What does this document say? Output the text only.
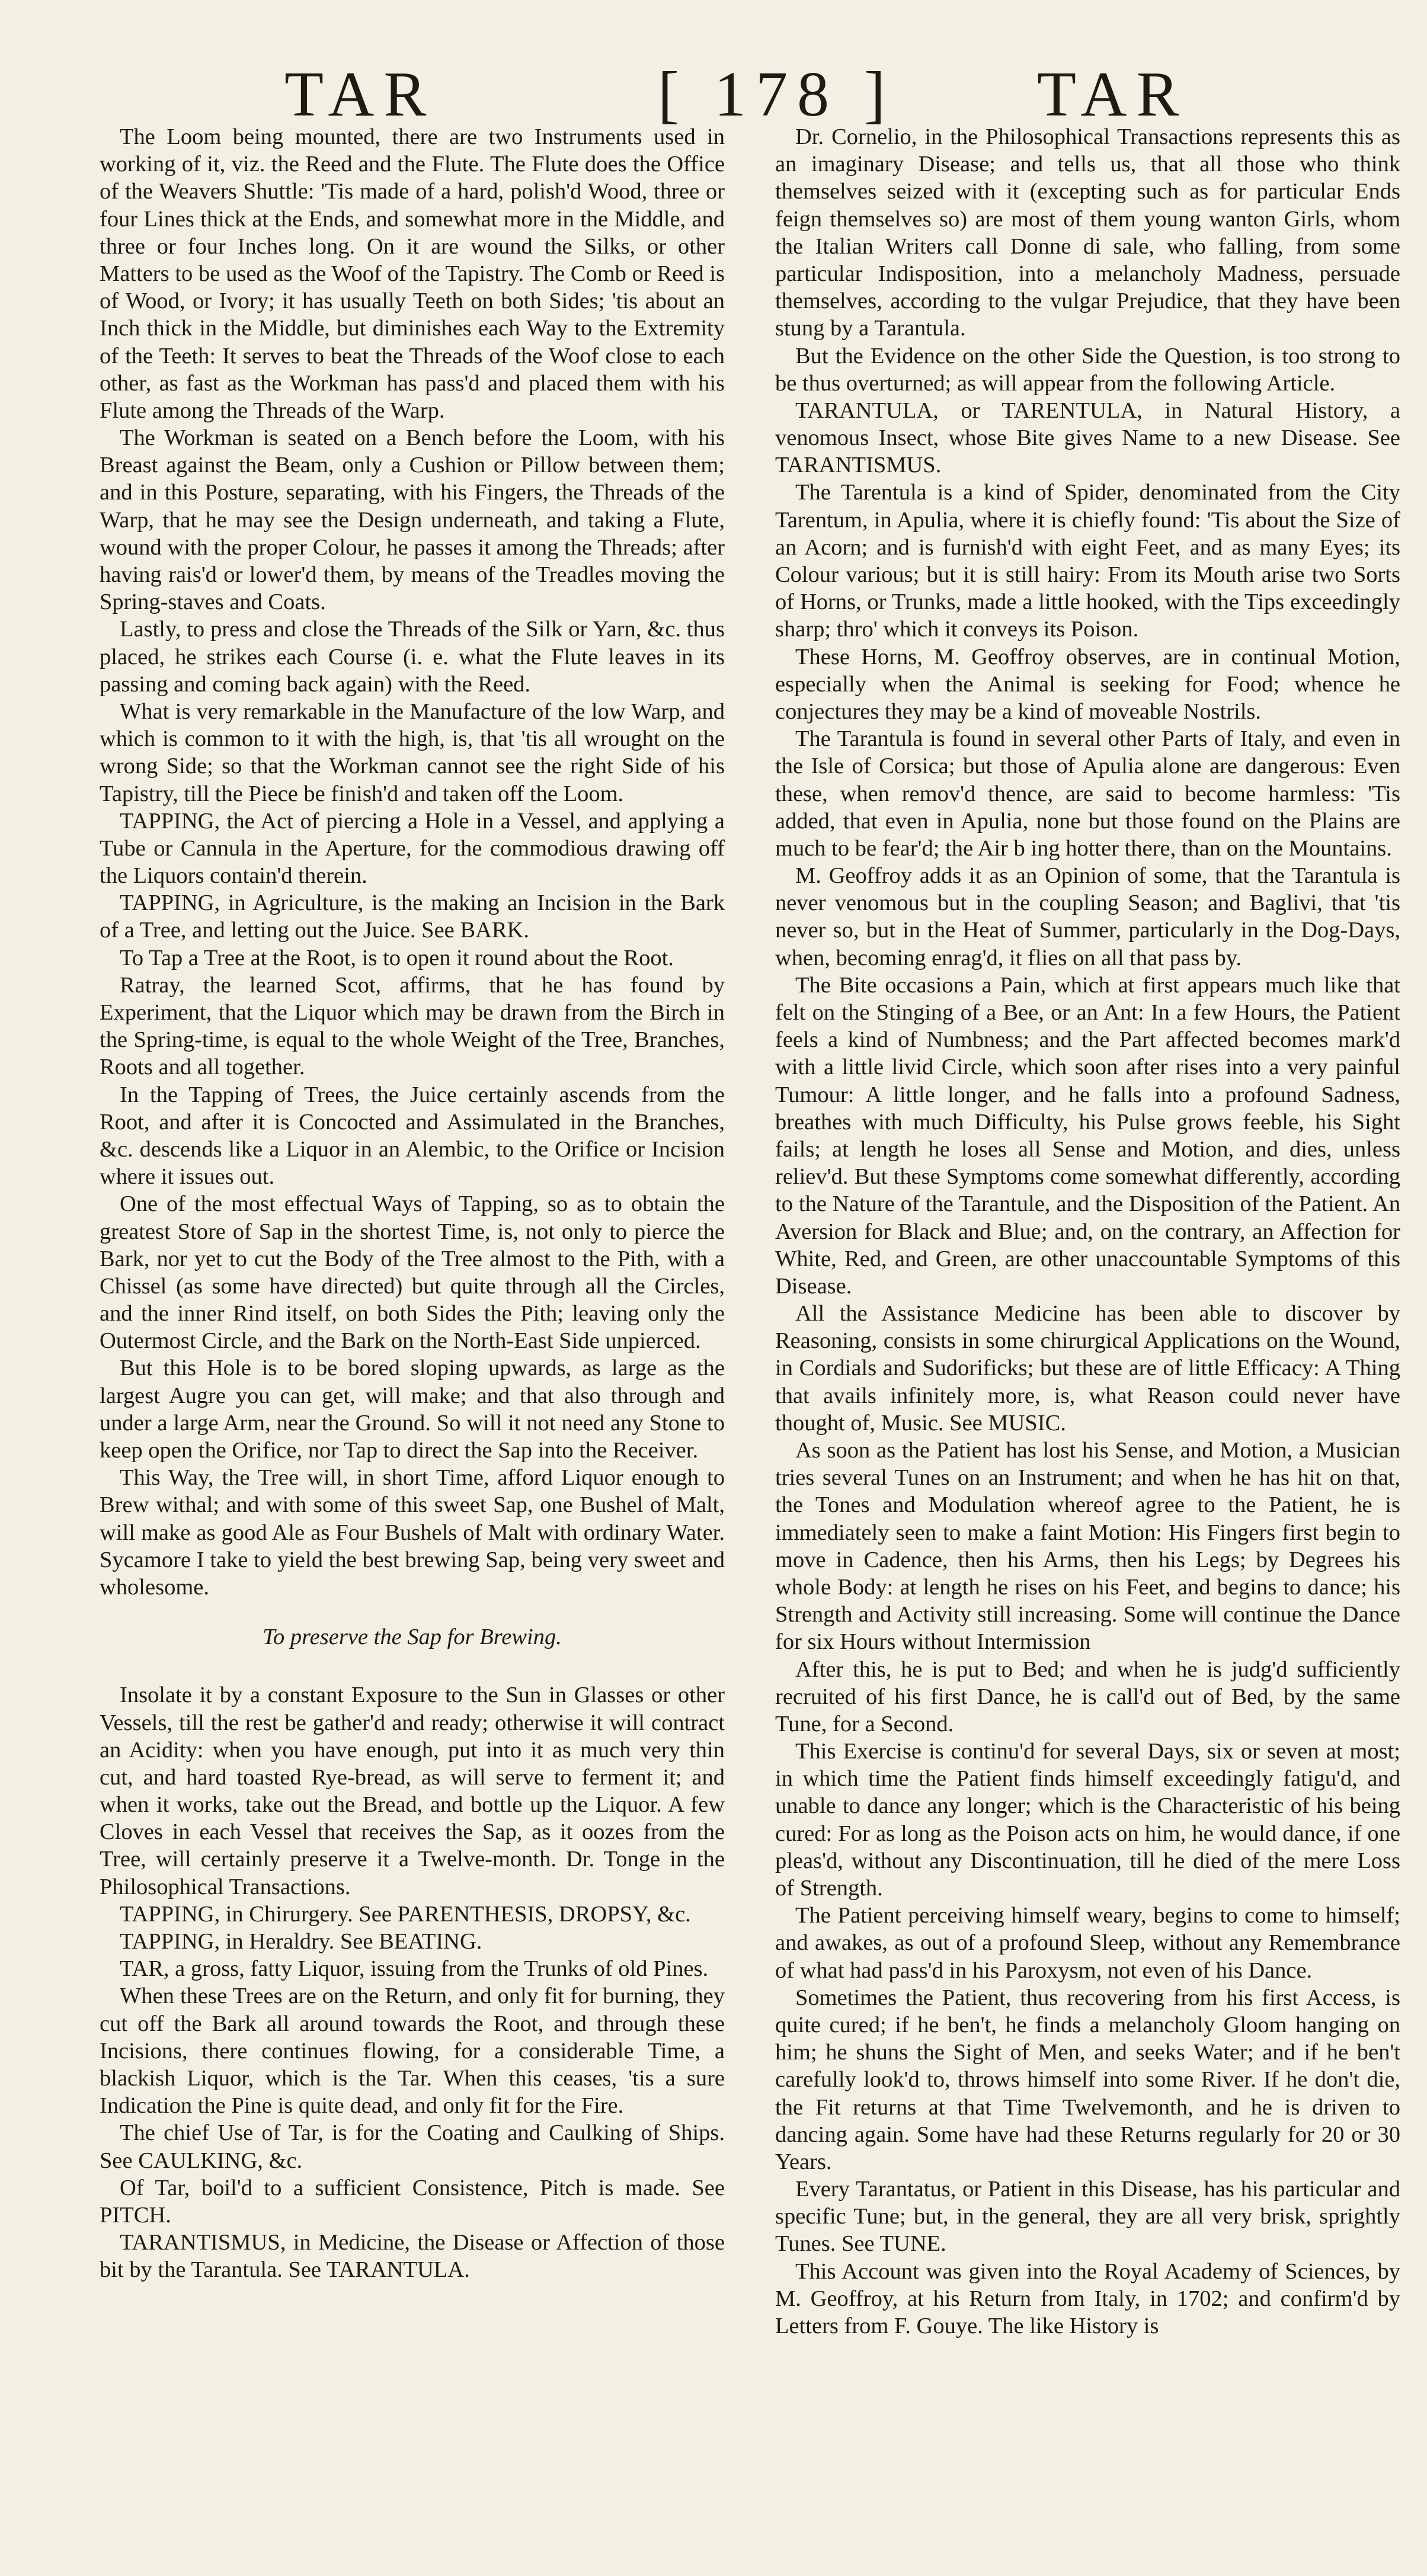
TAR	[ 178 ] TAR

The Loom being mounted, there are two Instruments used in working of it, viz. the Reed and the Flute. The Flute does the Office of the Weavers Shuttle: 'Tis made of a hard, polish'd Wood, three or four Lines thick at the Ends, and somewhat more in the Middle, and three or four Inches long. On it are wound the Silks, or other Matters to be used as the Woof of the Tapistry. The Comb or Reed is of Wood, or Ivory; it has usually Teeth on both Sides; 'tis about an Inch thick in the Middle, but diminishes each Way to the Extremity of the Teeth: It serves to beat the Threads of the Woof close to each other, as fast as the Workman has pass'd and placed them with his Flute among the Threads of the Warp.

The Workman is seated on a Bench before the Loom, with his Breast against the Beam, only a Cushion or Pillow between them; and in this Posture, separating, with his Fingers, the Threads of the Warp, that he may see the Design underneath, and taking a Flute, wound with the proper Colour, he passes it among the Threads; after having rais'd or lower'd them, by means of the Treadles moving the Spring-staves and Coats.

Lastly, to press and close the Threads of the Silk or Yarn, &c. thus placed, he strikes each Course (i. e. what the Flute leaves in its passing and coming back again) with the Reed.

What is very remarkable in the Manufacture of the low Warp, and which is common to it with the high, is, that 'tis all wrought on the wrong Side; so that the Workman cannot see the right Side of his Tapistry, till the Piece be finish'd and taken off the Loom.

TAPPING, the Act of piercing a Hole in a Vessel, and applying a Tube or Cannula in the Aperture, for the commodious drawing off the Liquors contain'd therein.

TAPPING, in Agriculture, is the making an Incision in the Bark of a Tree, and letting out the Juice. See BARK.

To Tap a Tree at the Root, is to open it round about the Root.

Ratray, the learned Scot, affirms, that he has found by Experiment, that the Liquor which may be drawn from the Birch in the Spring-time, is equal to the whole Weight of the Tree, Branches, Roots and all together.

In the Tapping of Trees, the Juice certainly ascends from the Root, and after it is Concocted and Assimulated in the Branches, &c. descends like a Liquor in an Alembic, to the Orifice or Incision where it issues out.

One of the most effectual Ways of Tapping, so as to obtain the greatest Store of Sap in the shortest Time, is, not only to pierce the Bark, nor yet to cut the Body of the Tree almost to the Pith, with a Chissel (as some have directed) but quite through all the Circles, and the inner Rind itself, on both Sides the Pith; leaving only the Outermost Circle, and the Bark on the North-East Side unpierced.

But this Hole is to be bored sloping upwards, as large as the largest Augre you can get, will make; and that also through and under a large Arm, near the Ground. So will it not need any Stone to keep open the Orifice, nor Tap to direct the Sap into the Receiver.

This Way, the Tree will, in short Time, afford Liquor enough to Brew withal; and with some of this sweet Sap, one Bushel of Malt, will make as good Ale as Four Bushels of Malt with ordinary Water. Sycamore I take to yield the best brewing Sap, being very sweet and wholesome.

To preserve the Sap for Brewing.

Insolate it by a constant Exposure to the Sun in Glasses or other Vessels, till the rest be gather'd and ready; otherwise it will contract an Acidity: when you have enough, put into it as much very thin cut, and hard toasted Rye-bread, as will serve to ferment it; and when it works, take out the Bread, and bottle up the Liquor. A few Cloves in each Vessel that receives the Sap, as it oozes from the Tree, will certainly preserve it a Twelve-month. Dr. Tonge in the Philosophical Transactions.

TAPPING, in Chirurgery. See PARENTHESIS, DROPSY, &c.

TAPPING, in Heraldry. See BEATING.

TAR, a gross, fatty Liquor, issuing from the Trunks of old Pines.

When these Trees are on the Return, and only fit for burning, they cut off the Bark all around towards the Root, and through these Incisions, there continues flowing, for a considerable Time, a blackish Liquor, which is the Tar. When this ceases, 'tis a sure Indication the Pine is quite dead, and only fit for the Fire.

The chief Use of Tar, is for the Coating and Caulking of Ships. See CAULKING, &c.

Of Tar, boil'd to a sufficient Consistence, Pitch is made. See PITCH.

TARANTISMUS, in Medicine, the Disease or Affection of those bit by the Tarantula. See TARANTULA.

Dr. Cornelio, in the Philosophical Transactions represents this as an imaginary Disease; and tells us, that all those who think themselves seized with it (excepting such as for particular Ends feign themselves so) are most of them young wanton Girls, whom the Italian Writers call Donne di sale, who falling, from some particular Indisposition, into a melancholy Madness, persuade themselves, according to the vulgar Prejudice, that they have been stung by a Tarantula.

But the Evidence on the other Side the Question, is too strong to be thus overturned; as will appear from the following Article.

TARANTULA, or TARENTULA, in Natural History, a venomous Insect, whose Bite gives Name to a new Disease. See TARANTISMUS.

The Tarentula is a kind of Spider, denominated from the City Tarentum, in Apulia, where it is chiefly found: 'Tis about the Size of an Acorn; and is furnish'd with eight Feet, and as many Eyes; its Colour various; but it is still hairy: From its Mouth arise two Sorts of Horns, or Trunks, made a little hooked, with the Tips exceedingly sharp; thro' which it conveys its Poison.

These Horns, M. Geoffroy observes, are in continual Motion, especially when the Animal is seeking for Food; whence he conjectures they may be a kind of moveable Nostrils.

The Tarantula is found in several other Parts of Italy, and even in the Isle of Corsica; but those of Apulia alone are dangerous: Even these, when remov'd thence, are said to become harmless: 'Tis added, that even in Apulia, none but those found on the Plains are much to be fear'd; the Air b ing hotter there, than on the Mountains.

M. Geoffroy adds it as an Opinion of some, that the Tarantula is never venomous but in the coupling Season; and Baglivi, that 'tis never so, but in the Heat of Summer, particularly in the Dog-Days, when, becoming enrag'd, it flies on all that pass by.

The Bite occasions a Pain, which at first appears much like that felt on the Stinging of a Bee, or an Ant: In a few Hours, the Patient feels a kind of Numbness; and the Part affected becomes mark'd with a little livid Circle, which soon after rises into a very painful Tumour: A little longer, and he falls into a profound Sadness, breathes with much Difficulty, his Pulse grows feeble, his Sight fails; at length he loses all Sense and Motion, and dies, unless reliev'd. But these Symptoms come somewhat differently, according to the Nature of the Tarantule, and the Disposition of the Patient. An Aversion for Black and Blue; and, on the contrary, an Affection for White, Red, and Green, are other unaccountable Symptoms of this Disease.

All the Assistance Medicine has been able to discover by Reasoning, consists in some chirurgical Applications on the Wound, in Cordials and Sudorificks; but these are of little Efficacy: A Thing that avails infinitely more, is, what Reason could never have thought of, Music. See MUSIC.

As soon as the Patient has lost his Sense, and Motion, a Musician tries several Tunes on an Instrument; and when he has hit on that, the Tones and Modulation whereof agree to the Patient, he is immediately seen to make a faint Motion: His Fingers first begin to move in Cadence, then his Arms, then his Legs; by Degrees his whole Body: at length he rises on his Feet, and begins to dance; his Strength and Activity still increasing. Some will continue the Dance for six Hours without Intermission

After this, he is put to Bed; and when he is judg'd sufficiently recruited of his first Dance, he is call'd out of Bed, by the same Tune, for a Second.

This Exercise is continu'd for several Days, six or seven at most; in which time the Patient finds himself exceedingly fatigu'd, and unable to dance any longer; which is the Characteristic of his being cured: For as long as the Poison acts on him, he would dance, if one pleas'd, without any Discontinuation, till he died of the mere Loss of Strength.

The Patient perceiving himself weary, begins to come to himself; and awakes, as out of a profound Sleep, without any Remembrance of what had pass'd in his Paroxysm, not even of his Dance.

Sometimes the Patient, thus recovering from his first Access, is quite cured; if he ben't, he finds a melancholy Gloom hanging on him; he shuns the Sight of Men, and seeks Water; and if he ben't carefully look'd to, throws himself into some River. If he don't die, the Fit returns at that Time Twelvemonth, and he is driven to dancing again. Some have had these Returns regularly for 20 or 30 Years.

Every Tarantatus, or Patient in this Disease, has his particular and specific Tune; but, in the general, they are all very brisk, sprightly Tunes. See TUNE.

This Account was given into the Royal Academy of Sciences, by M. Geoffroy, at his Return from Italy, in 1702; and confirm'd by Letters from F. Gouye. The like History is
